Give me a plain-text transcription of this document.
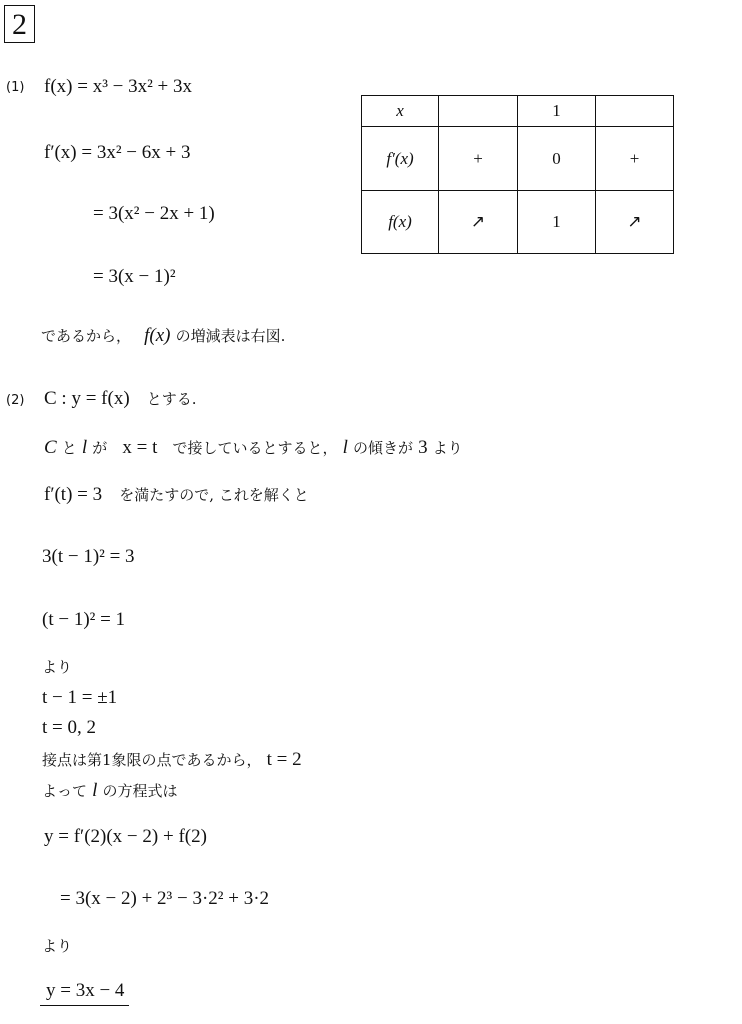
2
(1) f(x) = x³ − 3x² + 3x
f′(x) = 3x² − 6x + 3
= 3(x² − 2x + 1)
= 3(x − 1)²
であるから， f(x) の増減表は右図.
x		1	
f′(x)	+	0	+
f(x)	↗	1	↗
(2) C : y = f(x) とする.
C と l が x = t で接しているとすると， l の傾きが 3 より
f′(t) = 3 を満たすので, これを解くと
3(t − 1)² = 3
(t − 1)² = 1
より
t − 1 = ±1
t = 0, 2
接点は第1象限の点であるから， t = 2
よって l の方程式は
y = f′(2)(x − 2) + f(2)
= 3(x − 2) + 2³ − 3·2² + 3·2
より
y = 3x − 4
